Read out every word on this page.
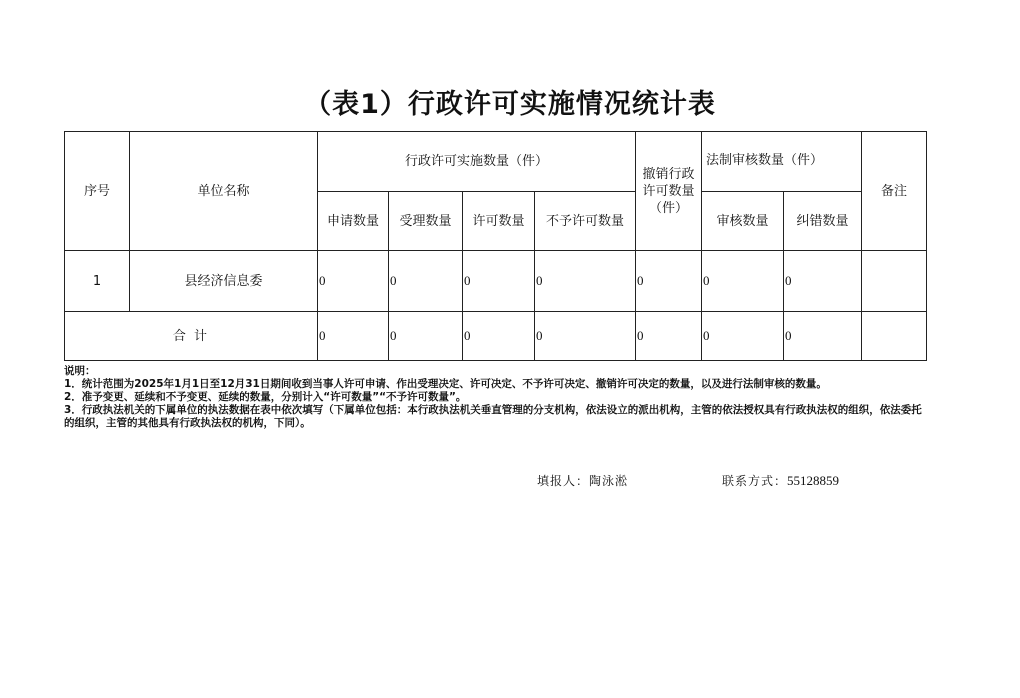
（表1）行政许可实施情况统计表
序号	单位名称	行政许可实施数量（件）				撤销行政许可数量（件）	法制审核数量（件）		备注
		申请数量	受理数量	许可数量	不予许可数量		审核数量	纠错数量	
1	县经济信息委	0	0	0	0	0	0	0	
合 计		0	0	0	0	0	0	0	

说明：

1．统计范围为2025年1月1日至12月31日期间收到当事人许可申请、作出受理决定、许可决定、不予许可决定、撤销许可决定的数量，以及进行法制审核的数量。

2．准予变更、延续和不予变更、延续的数量，分别计入“许可数量”“不予许可数量”。

3．行政执法机关的下属单位的执法数据在表中依次填写（下属单位包括：本行政执法机关垂直管理的分支机构，依法设立的派出机构，主管的依法授权具有行政执法权的组织，依法委托的组织，主管的其他具有行政执法权的机构，下同）。

填报人：陶泳淞	联系方式：55128859
